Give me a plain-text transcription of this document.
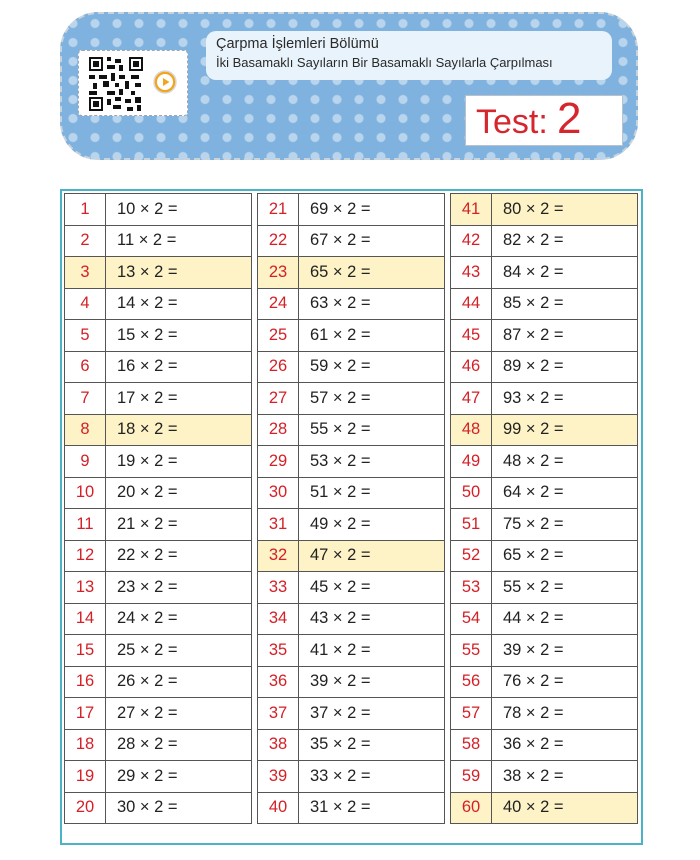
Çarpma İşlemleri Bölümü
İki Basamaklı Sayıların Bir Basamaklı Sayılarla Çarpılması
Test: 2
1	10 × 2 =		21	69 × 2 =		41	80 × 2 =
2	11 × 2 =		22	67 × 2 =		42	82 × 2 =
3	13 × 2 =		23	65 × 2 =		43	84 × 2 =
4	14 × 2 =		24	63 × 2 =		44	85 × 2 =
5	15 × 2 =		25	61 × 2 =		45	87 × 2 =
6	16 × 2 =		26	59 × 2 =		46	89 × 2 =
7	17 × 2 =		27	57 × 2 =		47	93 × 2 =
8	18 × 2 =		28	55 × 2 =		48	99 × 2 =
9	19 × 2 =		29	53 × 2 =		49	48 × 2 =
10	20 × 2 =		30	51 × 2 =		50	64 × 2 =
11	21 × 2 =		31	49 × 2 =		51	75 × 2 =
12	22 × 2 =		32	47 × 2 =		52	65 × 2 =
13	23 × 2 =		33	45 × 2 =		53	55 × 2 =
14	24 × 2 =		34	43 × 2 =		54	44 × 2 =
15	25 × 2 =		35	41 × 2 =		55	39 × 2 =
16	26 × 2 =		36	39 × 2 =		56	76 × 2 =
17	27 × 2 =		37	37 × 2 =		57	78 × 2 =
18	28 × 2 =		38	35 × 2 =		58	36 × 2 =
19	29 × 2 =		39	33 × 2 =		59	38 × 2 =
20	30 × 2 =		40	31 × 2 =		60	40 × 2 =
